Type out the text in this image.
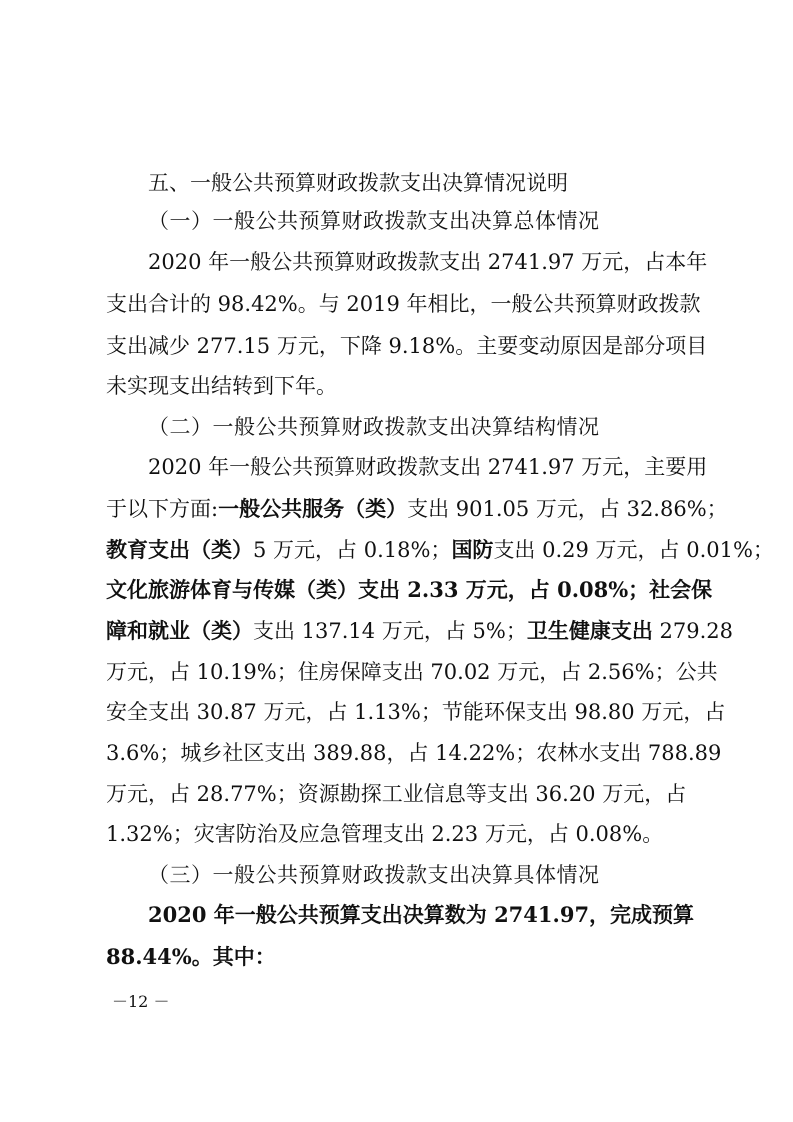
五、一般公共预算财政拨款支出决算情况说明
（一）一般公共预算财政拨款支出决算总体情况
2020 年一般公共预算财政拨款支出 2741.97 万元，占本年
支出合计的 98.42%。与 2019 年相比，一般公共预算财政拨款
支出减少 277.15 万元，下降 9.18%。主要变动原因是部分项目
未实现支出结转到下年。
（二）一般公共预算财政拨款支出决算结构情况
2020 年一般公共预算财政拨款支出 2741.97 万元，主要用
于以下方面:一般公共服务（类）支出 901.05 万元，占 32.86%；
教育支出（类）5 万元，占 0.18%；国防支出 0.29 万元，占 0.01%；
文化旅游体育与传媒（类）支出 2.33 万元，占 0.08%；社会保
障和就业（类）支出 137.14 万元，占 5%；卫生健康支出 279.28
万元，占 10.19%；住房保障支出 70.02 万元，占 2.56%；公共
安全支出 30.87 万元，占 1.13%；节能环保支出 98.80 万元，占
3.6%；城乡社区支出 389.88，占 14.22%；农林水支出 788.89
万元，占 28.77%；资源勘探工业信息等支出 36.20 万元，占
1.32%；灾害防治及应急管理支出 2.23 万元，占 0.08%。
（三）一般公共预算财政拨款支出决算具体情况
2020 年一般公共预算支出决算数为 2741.97，完成预算
88.44%。其中：
－12 －
